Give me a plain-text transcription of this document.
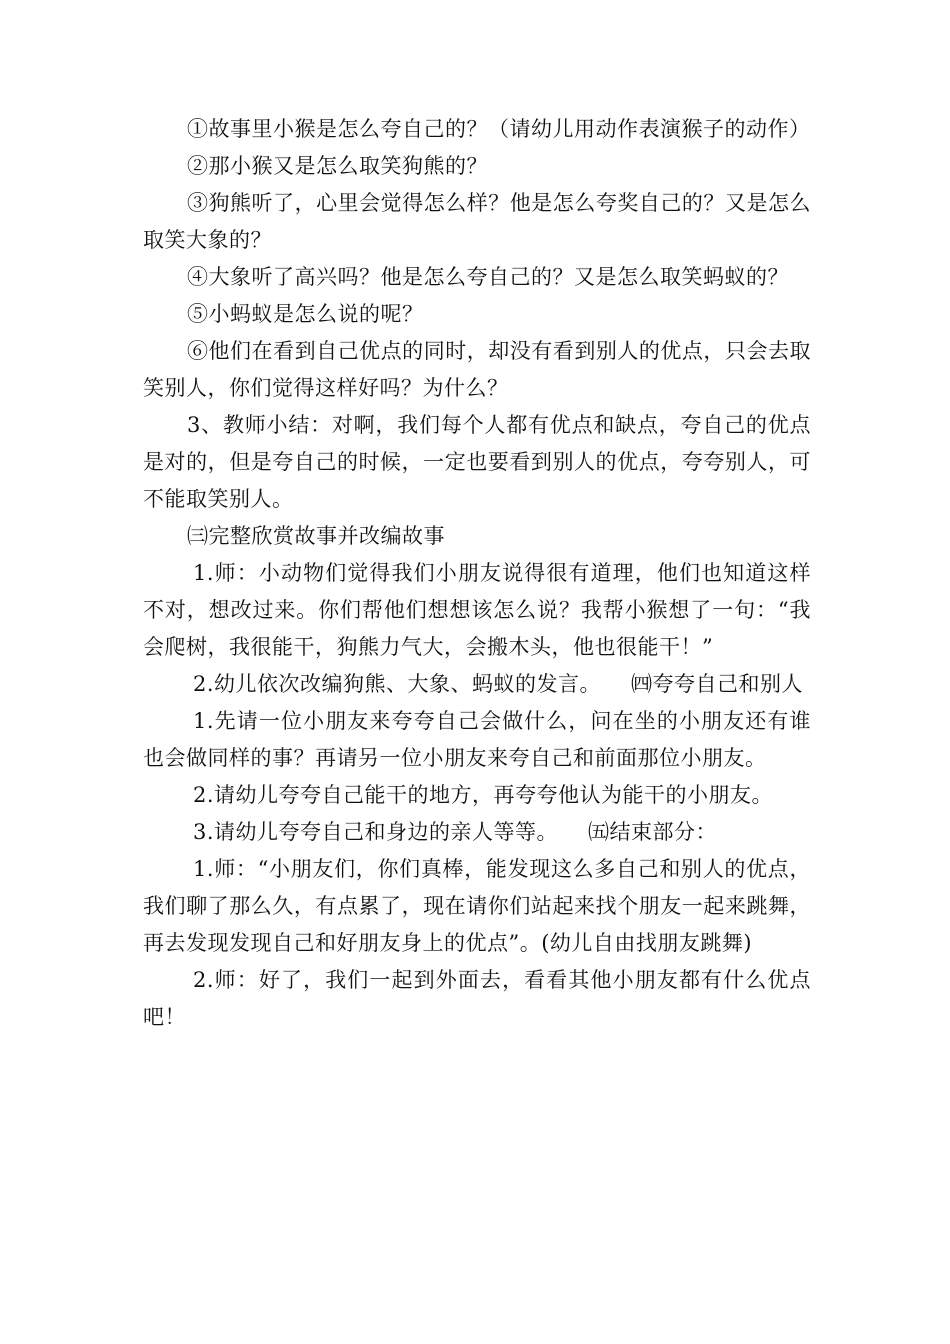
①故事里小猴是怎么夸自己的？（请幼儿用动作表演猴子的动作）

②那小猴又是怎么取笑狗熊的？

③狗熊听了，心里会觉得怎么样？他是怎么夸奖自己的？又是怎么取笑大象的？

④大象听了高兴吗？他是怎么夸自己的？又是怎么取笑蚂蚁的？

⑤小蚂蚁是怎么说的呢？

⑥他们在看到自己优点的同时，却没有看到别人的优点，只会去取笑别人，你们觉得这样好吗？为什么？

3、教师小结：对啊，我们每个人都有优点和缺点，夸自己的优点是对的，但是夸自己的时候，一定也要看到别人的优点，夸夸别人，可不能取笑别人。

㈢完整欣赏故事并改编故事

1.师：小动物们觉得我们小朋友说得很有道理，他们也知道这样不对，想改过来。你们帮他们想想该怎么说？我帮小猴想了一句：“我会爬树，我很能干，狗熊力气大，会搬木头，他也很能干！”

2.幼儿依次改编狗熊、大象、蚂蚁的发言。 ㈣夸夸自己和别人

1.先请一位小朋友来夸夸自己会做什么，问在坐的小朋友还有谁也会做同样的事？再请另一位小朋友来夸自己和前面那位小朋友。

2.请幼儿夸夸自己能干的地方，再夸夸他认为能干的小朋友。

3.请幼儿夸夸自己和身边的亲人等等。 ㈤结束部分：

1.师：“小朋友们，你们真棒，能发现这么多自己和别人的优点，我们聊了那么久，有点累了，现在请你们站起来找个朋友一起来跳舞，再去发现发现自己和好朋友身上的优点”。(幼儿自由找朋友跳舞)

2.师：好了，我们一起到外面去，看看其他小朋友都有什么优点吧！
